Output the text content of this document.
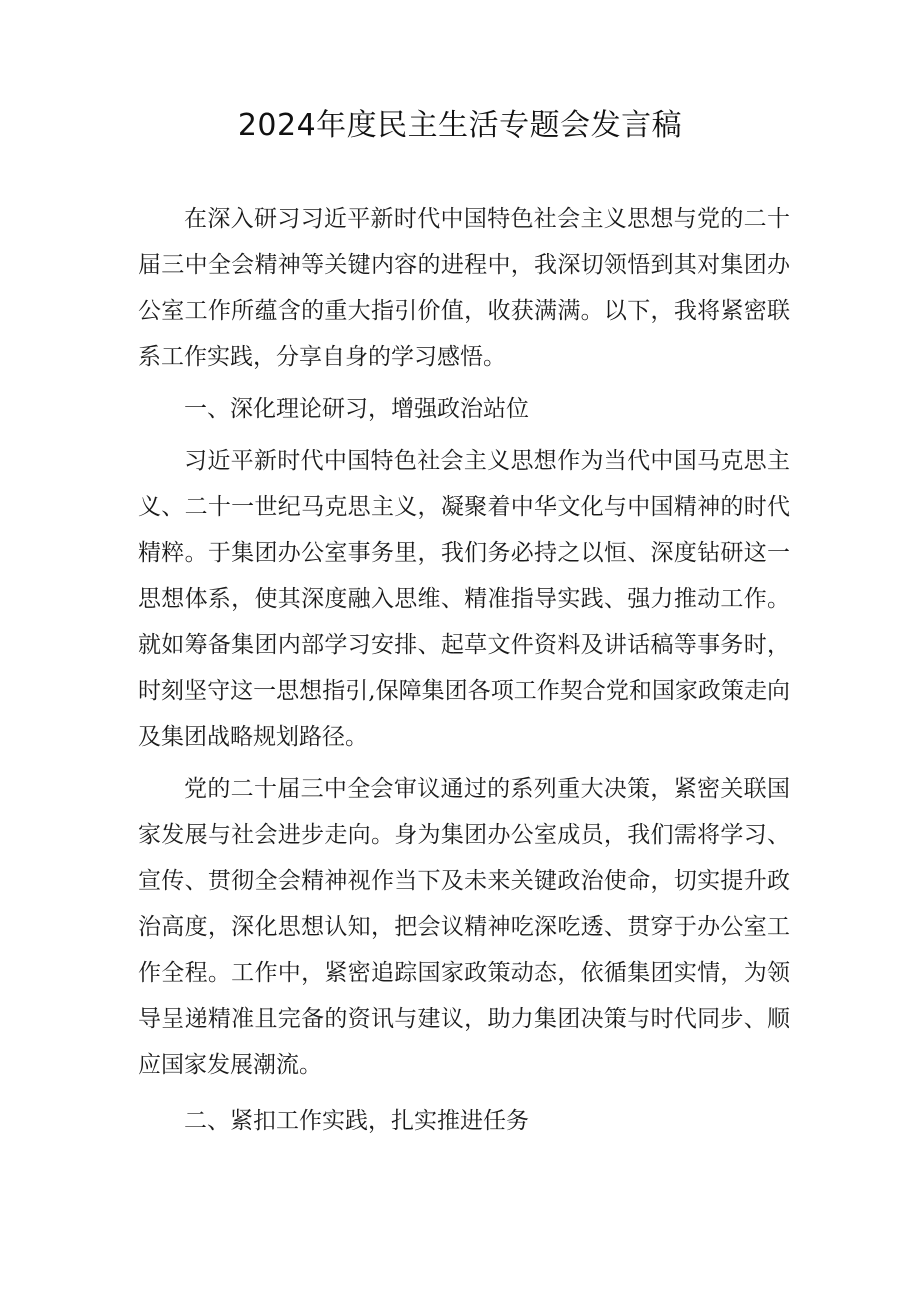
2024年度民主生活专题会发言稿

在深入研习习近平新时代中国特色社会主义思想与党的二十届三中全会精神等关键内容的进程中，我深切领悟到其对集团办公室工作所蕴含的重大指引价值，收获满满。以下，我将紧密联系工作实践，分享自身的学习感悟。

一、深化理论研习，增强政治站位

习近平新时代中国特色社会主义思想作为当代中国马克思主义、二十一世纪马克思主义，凝聚着中华文化与中国精神的时代精粹。于集团办公室事务里，我们务必持之以恒、深度钻研这一思想体系，使其深度融入思维、精准指导实践、强力推动工作。就如筹备集团内部学习安排、起草文件资料及讲话稿等事务时，时刻坚守这一思想指引,保障集团各项工作契合党和国家政策走向及集团战略规划路径。

党的二十届三中全会审议通过的系列重大决策，紧密关联国家发展与社会进步走向。身为集团办公室成员，我们需将学习、宣传、贯彻全会精神视作当下及未来关键政治使命，切实提升政治高度，深化思想认知，把会议精神吃深吃透、贯穿于办公室工作全程。工作中，紧密追踪国家政策动态，依循集团实情，为领导呈递精准且完备的资讯与建议，助力集团决策与时代同步、顺应国家发展潮流。

二、紧扣工作实践，扎实推进任务
